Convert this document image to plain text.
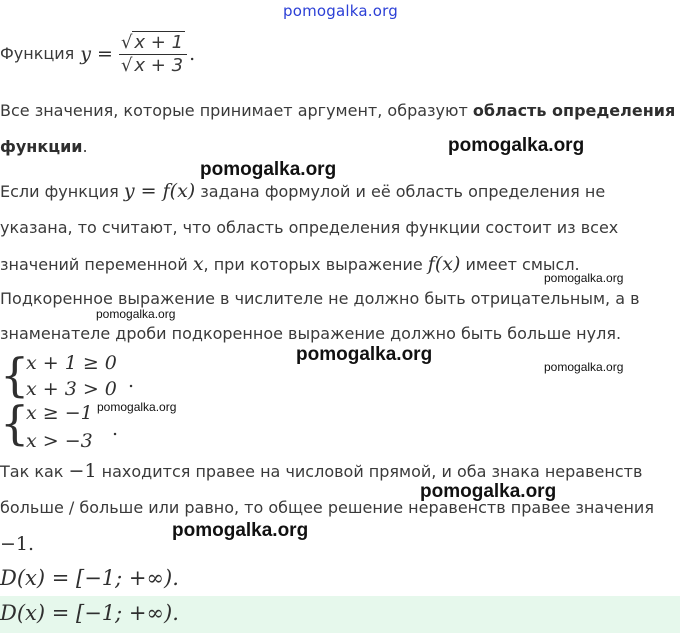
pomogalka.org
Функция $y = \frac{√ x + 1}{√ x + 3}$ .
Все значения, которые принимает аргумент, образуют область определения
функции.	pomogalka.org
pomogalka.org
Если функция y = f(x) задана формулой и её область определения не
указана, то считают, что область определения функции состоит из всех
значений переменной x, при которых выражение f(x) имеет смысл.
pomogalka.org
Подкоренное выражение в числителе не должно быть отрицательным, а в
pomogalka.org
знаменателе дроби подкоренное выражение должно быть больше нуля.
{
x + 1 ≥ 0
x + 3 > 0 .
pomogalka.org
pomogalka.org
{
x ≥ −1
x > −3
.
pomogalka.org
Так как −1 находится правее на числовой прямой, и оба знака неравенств
pomogalka.org
больше / больше или равно, то общее решение неравенств правее значения
pomogalka.org
−1.
D(x) = [−1; +∞).
D(x) = [−1; +∞).
